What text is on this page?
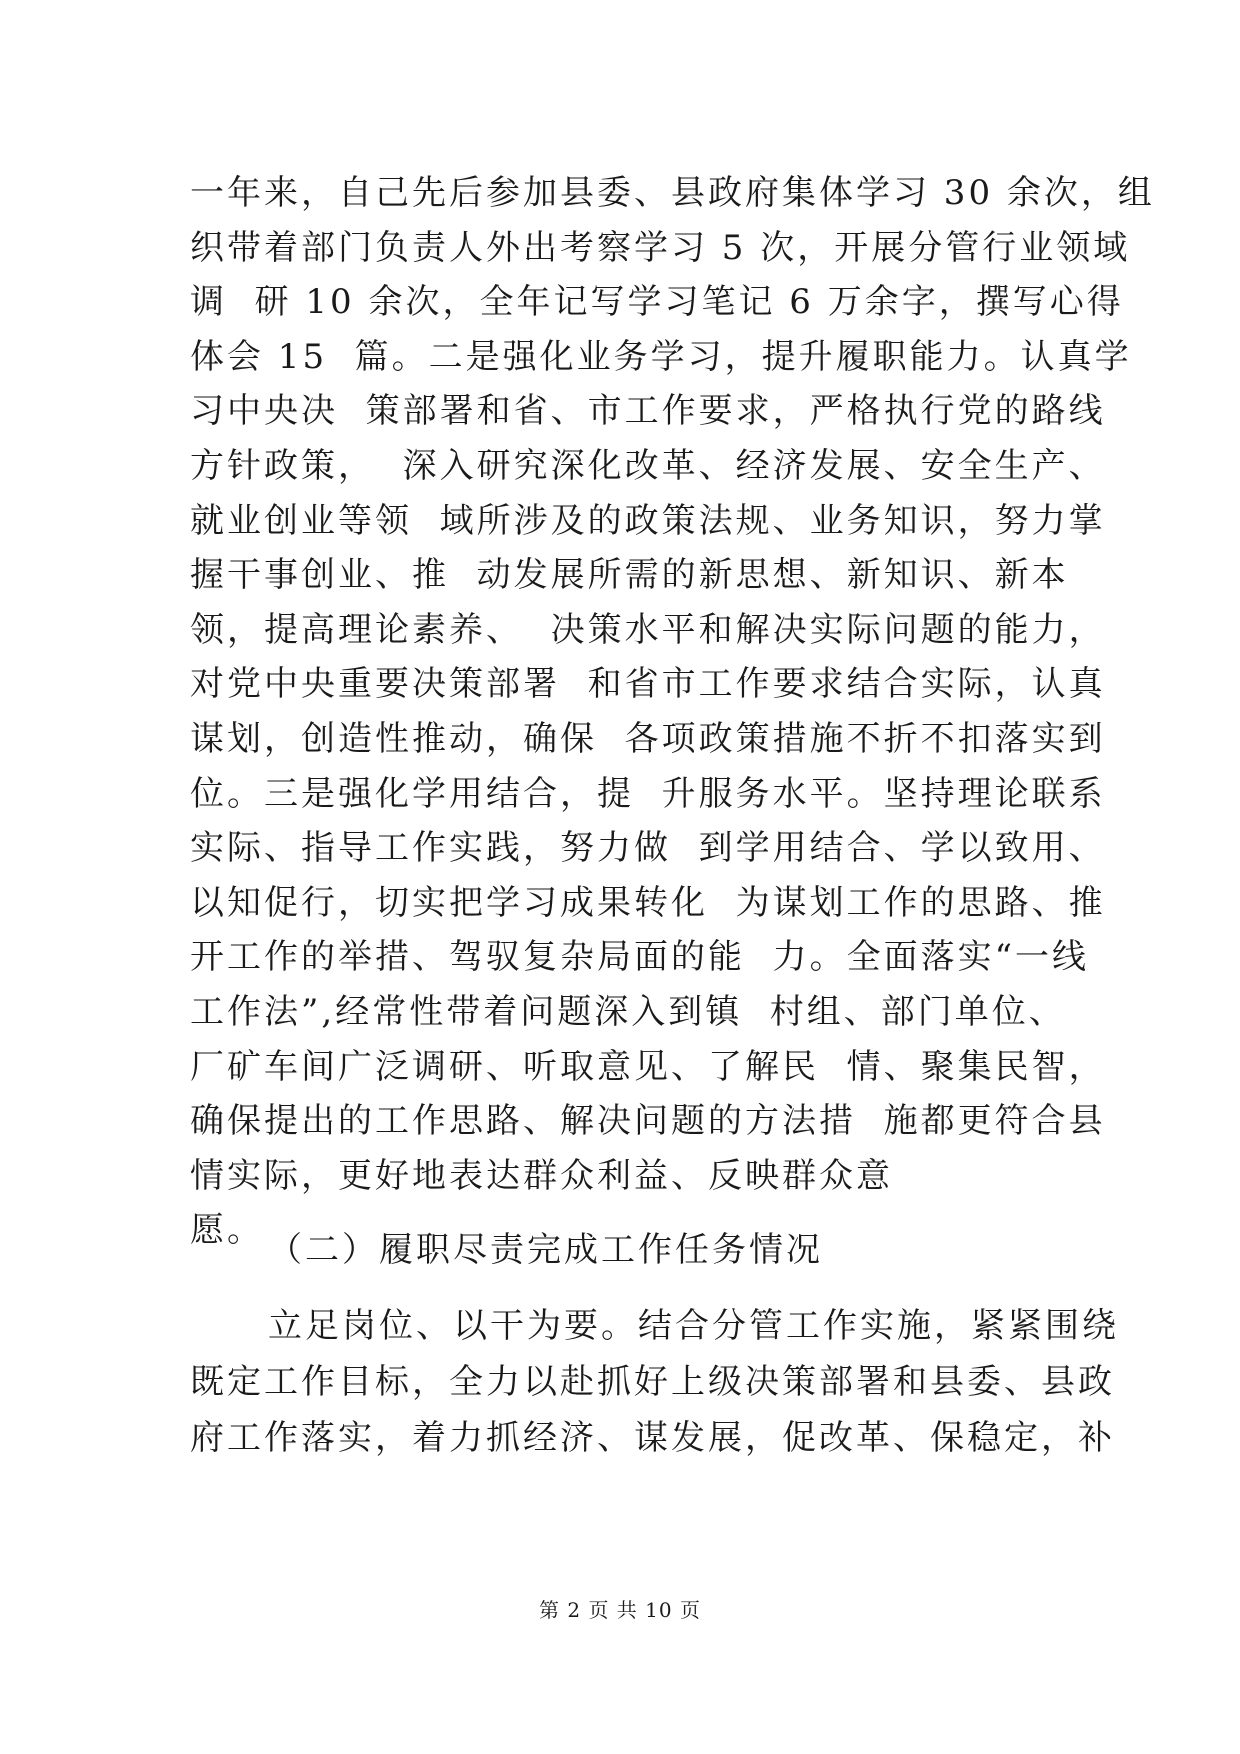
一年来，自己先后参加县委、县政府集体学习 30 余次，组
织带着部门负责人外出考察学习 5 次，开展分管行业领域
调  研 10 余次，全年记写学习笔记 6 万余字，撰写心得
体会 15  篇。二是强化业务学习，提升履职能力。认真学
习中央决  策部署和省、市工作要求，严格执行党的路线
方针政策，  深入研究深化改革、经济发展、安全生产、
就业创业等领  域所涉及的政策法规、业务知识，努力掌
握干事创业、推  动发展所需的新思想、新知识、新本
领，提高理论素养、  决策水平和解决实际问题的能力，
对党中央重要决策部署  和省市工作要求结合实际，认真
谋划，创造性推动，确保  各项政策措施不折不扣落实到
位。三是强化学用结合，提  升服务水平。坚持理论联系
实际、指导工作实践，努力做  到学用结合、学以致用、
以知促行，切实把学习成果转化  为谋划工作的思路、推
开工作的举措、驾驭复杂局面的能  力。全面落实“一线
工作法”,经常性带着问题深入到镇  村组、部门单位、
厂矿车间广泛调研、听取意见、了解民  情、聚集民智，
确保提出的工作思路、解决问题的方法措  施都更符合县
情实际，更好地表达群众利益、反映群众意
愿。 （二）履职尽责完成工作任务情况
立足岗位、以干为要。结合分管工作实施，紧紧围绕
既定工作目标，全力以赴抓好上级决策部署和县委、县政
府工作落实，着力抓经济、谋发展，促改革、保稳定，补
第 2 页 共 10 页
